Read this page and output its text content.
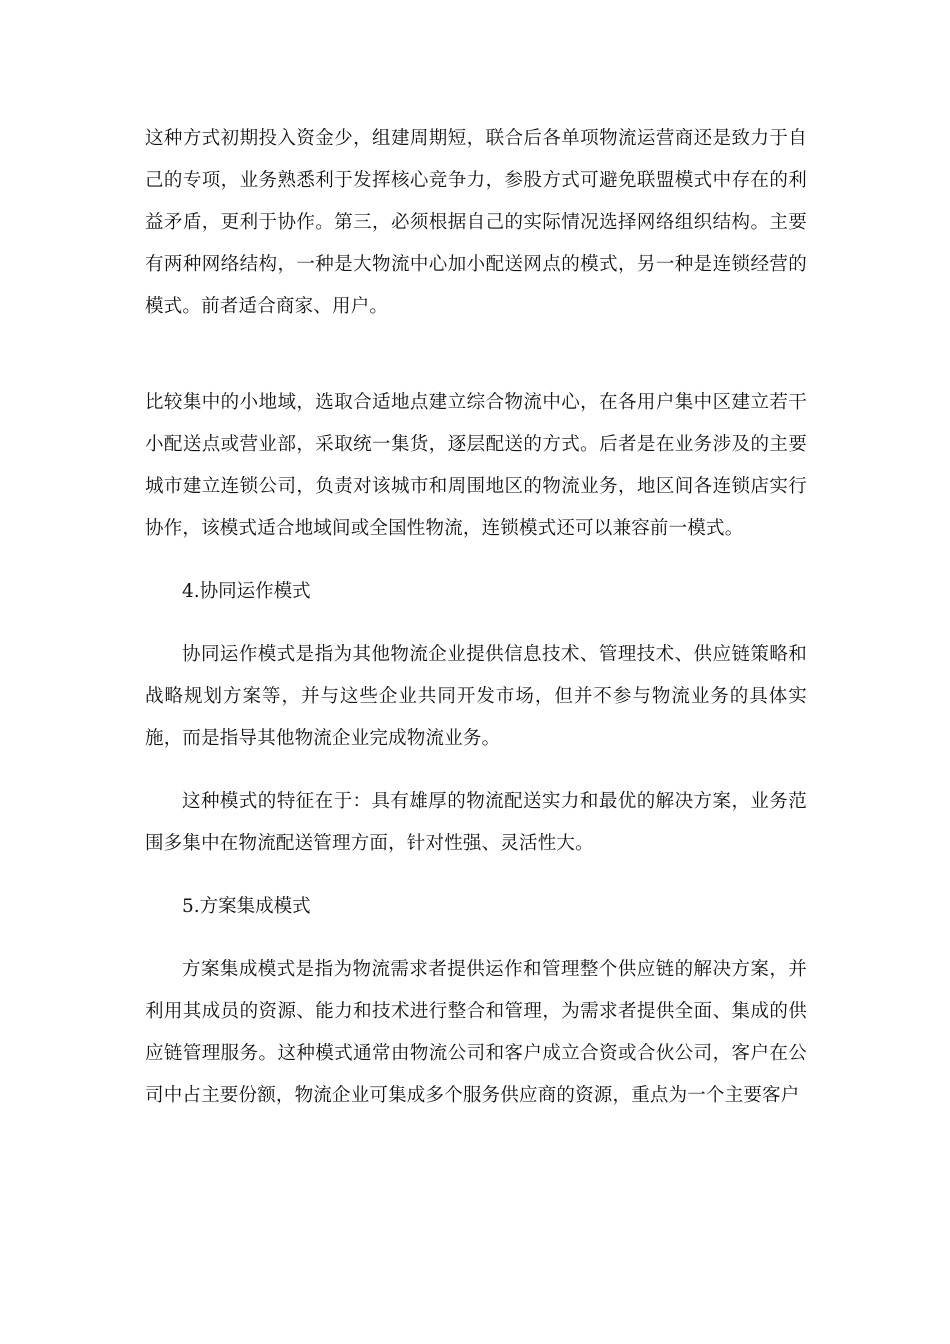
这种方式初期投入资金少，组建周期短，联合后各单项物流运营商还是致力于自己的专项，业务熟悉利于发挥核心竞争力，参股方式可避免联盟模式中存在的利益矛盾，更利于协作。第三，必须根据自己的实际情况选择网络组织结构。主要有两种网络结构，一种是大物流中心加小配送网点的模式，另一种是连锁经营的模式。前者适合商家、用户。

比较集中的小地域，选取合适地点建立综合物流中心，在各用户集中区建立若干小配送点或营业部，采取统一集货，逐层配送的方式。后者是在业务涉及的主要城市建立连锁公司，负责对该城市和周围地区的物流业务，地区间各连锁店实行协作，该模式适合地域间或全国性物流，连锁模式还可以兼容前一模式。

4.协同运作模式

协同运作模式是指为其他物流企业提供信息技术、管理技术、供应链策略和战略规划方案等，并与这些企业共同开发市场，但并不参与物流业务的具体实施，而是指导其他物流企业完成物流业务。

这种模式的特征在于：具有雄厚的物流配送实力和最优的解决方案，业务范围多集中在物流配送管理方面，针对性强、灵活性大。

5.方案集成模式

方案集成模式是指为物流需求者提供运作和管理整个供应链的解决方案，并利用其成员的资源、能力和技术进行整合和管理，为需求者提供全面、集成的供应链管理服务。这种模式通常由物流公司和客户成立合资或合伙公司，客户在公司中占主要份额，物流企业可集成多个服务供应商的资源，重点为一个主要客户
